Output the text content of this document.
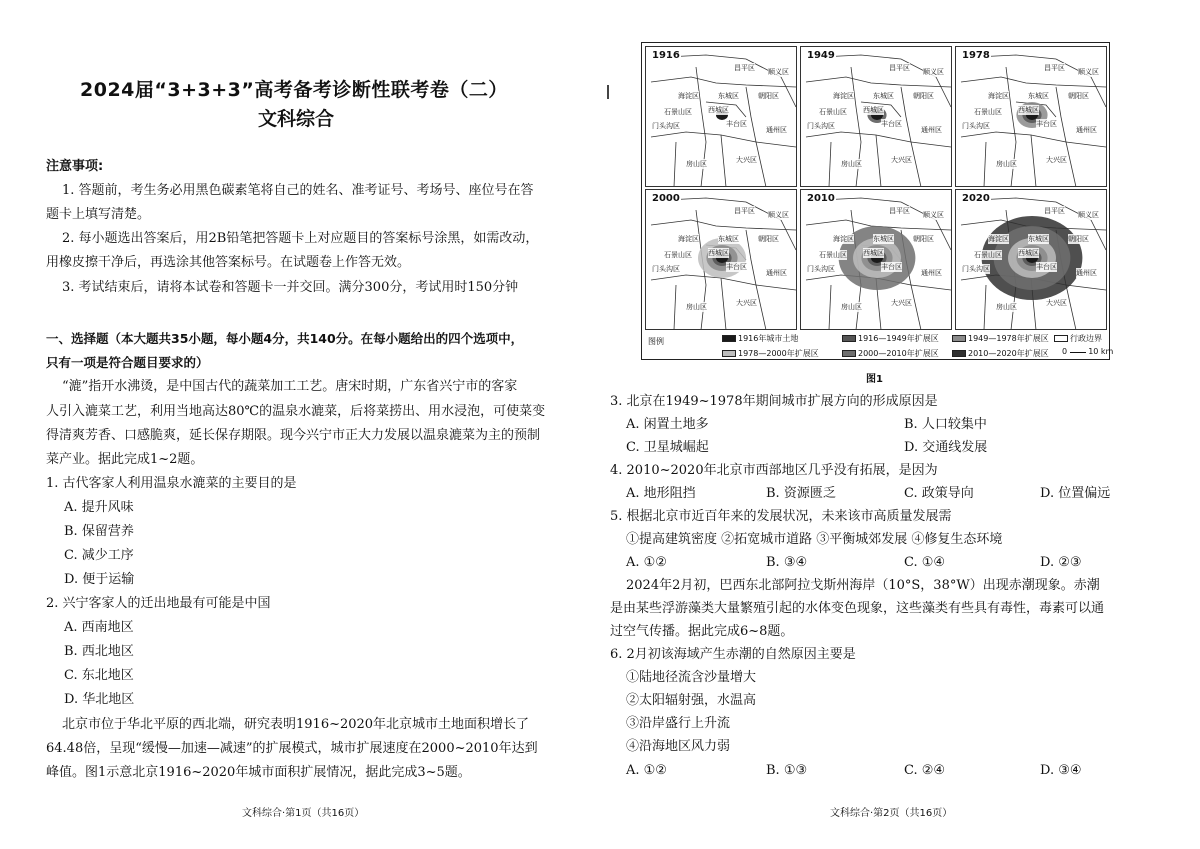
2024届“3+3+3”高考备考诊断性联考卷（二）
文科综合
注意事项:
1. 答题前，考生务必用黑色碳素笔将自己的姓名、准考证号、考场号、座位号在答
题卡上填写清楚。
2. 每小题选出答案后，用2B铅笔把答题卡上对应题目的答案标号涂黑，如需改动，
用橡皮擦干净后，再选涂其他答案标号。在试题卷上作答无效。
3. 考试结束后，请将本试卷和答题卡一并交回。满分300分，考试用时150分钟
一、选择题（本大题共35小题，每小题4分，共140分。在每小题给出的四个选项中，
只有一项是符合题目要求的）
“漉”指开水沸烫，是中国古代的蔬菜加工工艺。唐宋时期，广东省兴宁市的客家
人引入漉菜工艺，利用当地高达80℃的温泉水漉菜，后将菜捞出、用水浸泡，可使菜变
得清爽芳香、口感脆爽，延长保存期限。现今兴宁市正大力发展以温泉漉菜为主的预制
菜产业。据此完成1~2题。
1. 古代客家人利用温泉水漉菜的主要目的是
A. 提升风味
B. 保留营养
C. 减少工序
D. 便于运输
2. 兴宁客家人的迁出地最有可能是中国
A. 西南地区
B. 西北地区
C. 东北地区
D. 华北地区
北京市位于华北平原的西北端，研究表明1916~2020年北京城市土地面积增长了
64.48倍，呈现“缓慢—加速—减速”的扩展模式，城市扩展速度在2000~2010年达到
峰值。图1示意北京1916~2020年城市面积扩展情况，据此完成3~5题。
文科综合·第1页（共16页）
3. 北京在1949~1978年期间城市扩展方向的形成原因是
A. 闲置土地多	B. 人口较集中
C. 卫星城崛起	D. 交通线发展
4. 2010~2020年北京市西部地区几乎没有拓展，是因为
A. 地形阻挡	B. 资源匮乏	C. 政策导向	D. 位置偏远
5. 根据北京市近百年来的发展状况，未来该市高质量发展需
①提高建筑密度 ②拓宽城市道路 ③平衡城郊发展 ④修复生态环境
A. ①②	B. ③④	C. ①④	D. ②③
2024年2月初，巴西东北部阿拉戈斯州海岸（10°S，38°W）出现赤潮现象。赤潮
是由某些浮游藻类大量繁殖引起的水体变色现象，这些藻类有些具有毒性，毒素可以通
过空气传播。据此完成6~8题。
6. 2月初该海域产生赤潮的自然原因主要是
①陆地径流含沙量增大
②太阳辐射强，水温高
③沿岸盛行上升流
④沿海地区风力弱
A. ①②	B. ①③	C. ②④	D. ③④
文科综合·第2页（共16页）
1916
昌平区 顺义区
海淀区	东城区	朝阳区
石景山区 西城区
门头沟区	丰台区
通州区
房山区	大兴区
1949
昌平区 顺义区
海淀区	东城区	朝阳区
石景山区 西城区
门头沟区	丰台区
通州区
房山区	大兴区
1978
昌平区 顺义区
海淀区	东城区	朝阳区
石景山区 西城区
门头沟区	丰台区
通州区
房山区	大兴区
2000
昌平区 顺义区
海淀区	东城区	朝阳区
石景山区 西城区
门头沟区	丰台区
通州区
房山区	大兴区
2010
昌平区 顺义区
海淀区	东城区	朝阳区
石景山区 西城区
门头沟区	丰台区
通州区
房山区	大兴区
2020
昌平区 顺义区
海淀区	东城区	朝阳区
石景山区 西城区
门头沟区	丰台区
通州区
房山区	大兴区
图例	1916年城市土地	1916—1949年扩展区	1949—1978年扩展区
1978—2000年扩展区	2000—2010年扩展区	2010—2020年扩展区
行政边界
0	10 km
图1
